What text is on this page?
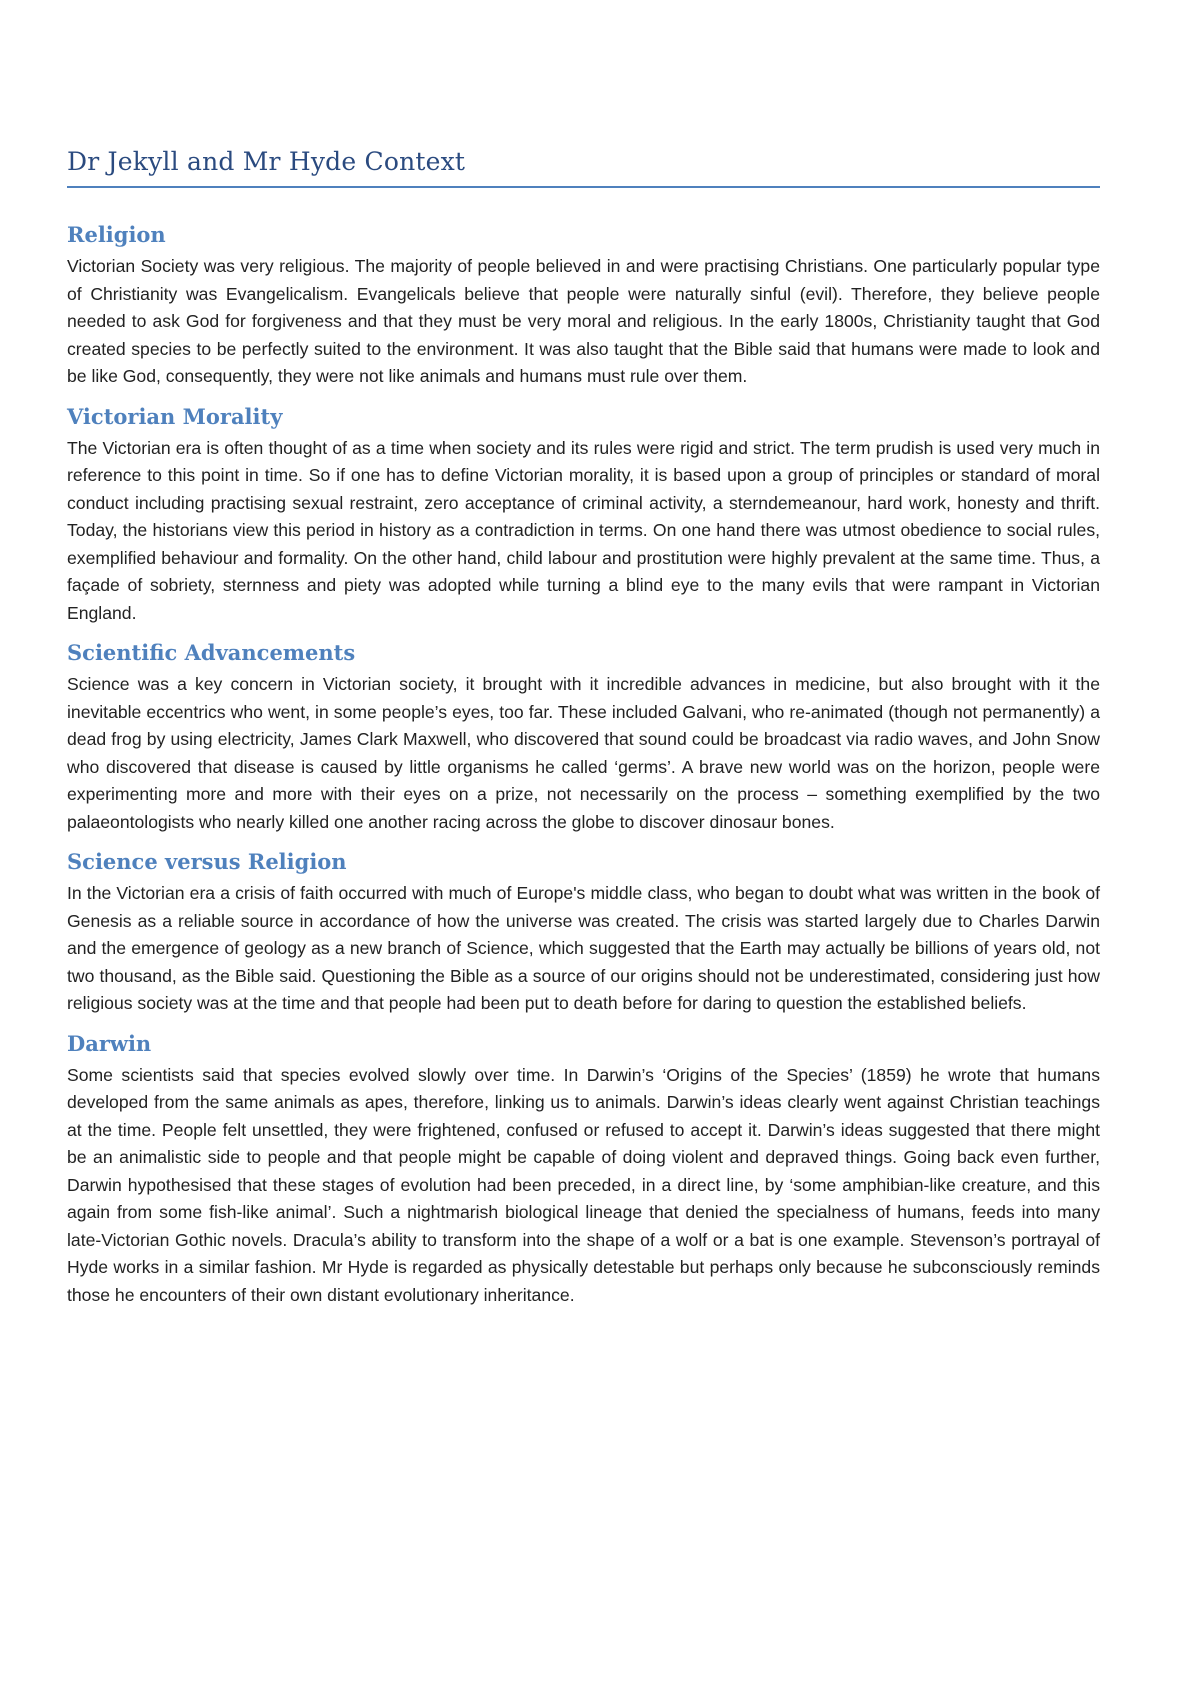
Dr Jekyll and Mr Hyde Context
Religion

Victorian Society was very religious. The majority of people believed in and were practising Christians. One particularly popular type of Christianity was Evangelicalism. Evangelicals believe that people were naturally sinful (evil). Therefore, they believe people needed to ask God for forgiveness and that they must be very moral and religious. In the early 1800s, Christianity taught that God created species to be perfectly suited to the environment. It was also taught that the Bible said that humans were made to look and be like God, consequently, they were not like animals and humans must rule over them.

Victorian Morality

The Victorian era is often thought of as a time when society and its rules were rigid and strict. The term prudish is used very much in reference to this point in time. So if one has to define Victorian morality, it is based upon a group of principles or standard of moral conduct including practising sexual restraint, zero acceptance of criminal activity, a sterndemeanour, hard work, honesty and thrift. Today, the historians view this period in history as a contradiction in terms. On one hand there was utmost obedience to social rules, exemplified behaviour and formality. On the other hand, child labour and prostitution were highly prevalent at the same time. Thus, a façade of sobriety, sternness and piety was adopted while turning a blind eye to the many evils that were rampant in Victorian England.

Scientific Advancements

Science was a key concern in Victorian society, it brought with it incredible advances in medicine, but also brought with it the inevitable eccentrics who went, in some people’s eyes, too far. These included Galvani, who re-animated (though not permanently) a dead frog by using electricity, James Clark Maxwell, who discovered that sound could be broadcast via radio waves, and John Snow who discovered that disease is caused by little organisms he called ‘germs’. A brave new world was on the horizon, people were experimenting more and more with their eyes on a prize, not necessarily on the process – something exemplified by the two palaeontologists who nearly killed one another racing across the globe to discover dinosaur bones.

Science versus Religion

In the Victorian era a crisis of faith occurred with much of Europe's middle class, who began to doubt what was written in the book of Genesis as a reliable source in accordance of how the universe was created. The crisis was started largely due to Charles Darwin and the emergence of geology as a new branch of Science, which suggested that the Earth may actually be billions of years old, not two thousand, as the Bible said. Questioning the Bible as a source of our origins should not be underestimated, considering just how religious society was at the time and that people had been put to death before for daring to question the established beliefs.

Darwin

Some scientists said that species evolved slowly over time. In Darwin’s ‘Origins of the Species’ (1859) he wrote that humans developed from the same animals as apes, therefore, linking us to animals. Darwin’s ideas clearly went against Christian teachings at the time. People felt unsettled, they were frightened, confused or refused to accept it. Darwin’s ideas suggested that there might be an animalistic side to people and that people might be capable of doing violent and depraved things. Going back even further, Darwin hypothesised that these stages of evolution had been preceded, in a direct line, by ‘some amphibian-like creature, and this again from some fish-like animal’. Such a nightmarish biological lineage that denied the specialness of humans, feeds into many late-Victorian Gothic novels. Dracula’s ability to transform into the shape of a wolf or a bat is one example. Stevenson’s portrayal of Hyde works in a similar fashion. Mr Hyde is regarded as physically detestable but perhaps only because he subconsciously reminds those he encounters of their own distant evolutionary inheritance.
